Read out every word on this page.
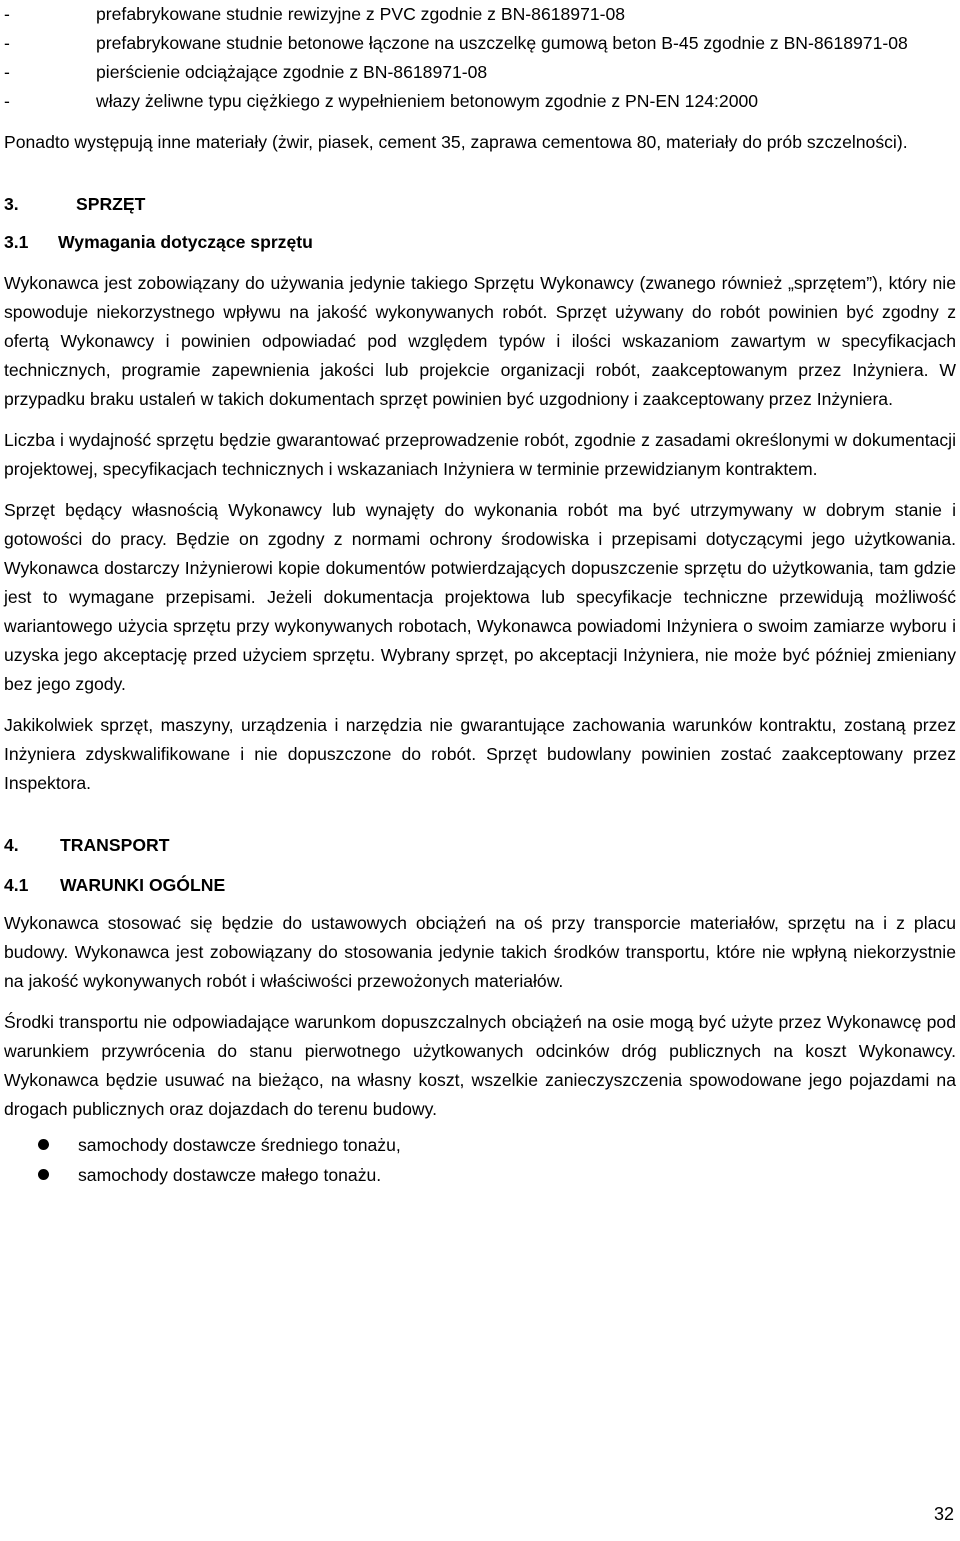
-	prefabrykowane studnie rewizyjne z PVC zgodnie z BN-8618971-08
-	prefabrykowane studnie betonowe łączone na uszczelkę gumową beton B-45 zgodnie z BN-8618971-08
-	pierścienie odciążające zgodnie z BN-8618971-08
-	włazy żeliwne typu ciężkiego z wypełnieniem betonowym zgodnie z PN-EN 124:2000

Ponadto występują inne materiały (żwir, piasek, cement 35, zaprawa cementowa 80, materiały do prób szczelności).

3.	SPRZĘT
3.1	Wymagania dotyczące sprzętu

Wykonawca jest zobowiązany do używania jedynie takiego Sprzętu Wykonawcy (zwanego również „sprzętem”), który nie spowoduje niekorzystnego wpływu na jakość wykonywanych robót. Sprzęt używany do robót powinien być zgodny z ofertą Wykonawcy i powinien odpowiadać pod względem typów i ilości wskazaniom zawartym w specyfikacjach technicznych, programie zapewnienia jakości lub projekcie organizacji robót, zaakceptowanym przez Inżyniera. W przypadku braku ustaleń w takich dokumentach sprzęt powinien być uzgodniony i zaakceptowany przez Inżyniera.

Liczba i wydajność sprzętu będzie gwarantować przeprowadzenie robót, zgodnie z zasadami określonymi w dokumentacji projektowej, specyfikacjach technicznych i wskazaniach Inżyniera w terminie przewidzianym kontraktem.

Sprzęt będący własnością Wykonawcy lub wynajęty do wykonania robót ma być utrzymywany w dobrym stanie i gotowości do pracy. Będzie on zgodny z normami ochrony środowiska i przepisami dotyczącymi jego użytkowania. Wykonawca dostarczy Inżynierowi kopie dokumentów potwierdzających dopuszczenie sprzętu do użytkowania, tam gdzie jest to wymagane przepisami. Jeżeli dokumentacja projektowa lub specyfikacje techniczne przewidują możliwość wariantowego użycia sprzętu przy wykonywanych robotach, Wykonawca powiadomi Inżyniera o swoim zamiarze wyboru i uzyska jego akceptację przed użyciem sprzętu. Wybrany sprzęt, po akceptacji Inżyniera, nie może być później zmieniany bez jego zgody.

Jakikolwiek sprzęt, maszyny, urządzenia i narzędzia nie gwarantujące zachowania warunków kontraktu, zostaną przez Inżyniera zdyskwalifikowane i nie dopuszczone do robót. Sprzęt budowlany powinien zostać zaakceptowany przez Inspektora.

4.	TRANSPORT
4.1	WARUNKI OGÓLNE

Wykonawca stosować się będzie do ustawowych obciążeń na oś przy transporcie materiałów, sprzętu na i z placu budowy. Wykonawca jest zobowiązany do stosowania jedynie takich środków transportu, które nie wpłyną niekorzystnie na jakość wykonywanych robót i właściwości przewożonych materiałów.

Środki transportu nie odpowiadające warunkom dopuszczalnych obciążeń na osie mogą być użyte przez Wykonawcę pod warunkiem przywrócenia do stanu pierwotnego użytkowanych odcinków dróg publicznych na koszt Wykonawcy. Wykonawca będzie usuwać na bieżąco, na własny koszt, wszelkie zanieczyszczenia spowodowane jego pojazdami na drogach publicznych oraz dojazdach do terenu budowy.

samochody dostawcze średniego tonażu,
samochody dostawcze małego tonażu.
32
